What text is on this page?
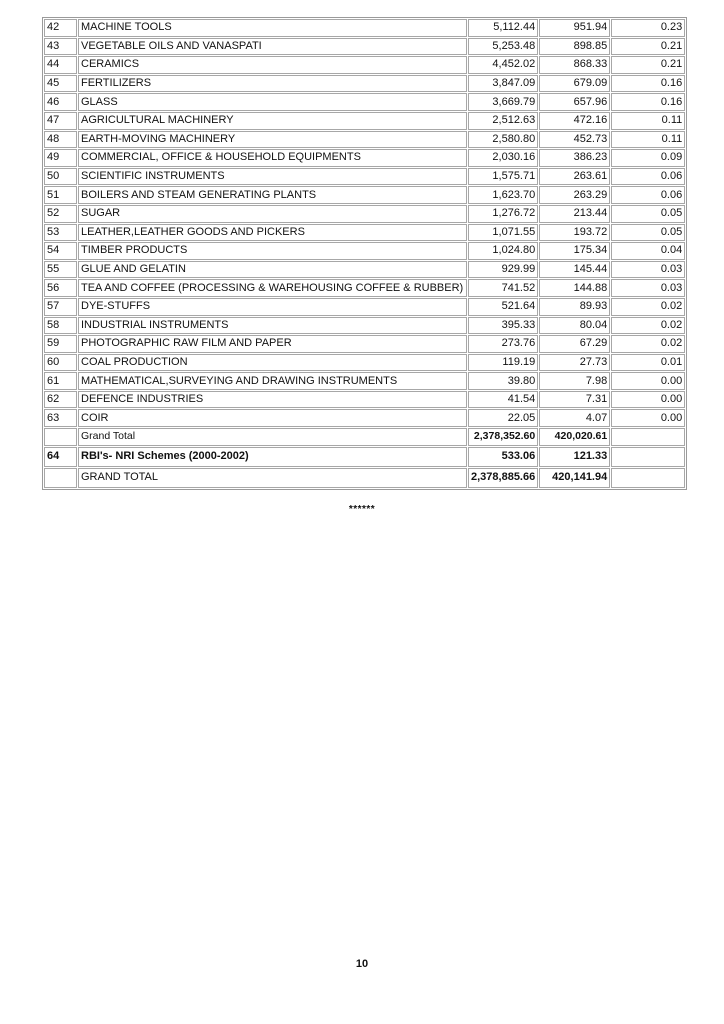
42	MACHINE TOOLS	5,112.44	951.94	0.23
43	VEGETABLE OILS AND VANASPATI	5,253.48	898.85	0.21
44	CERAMICS	4,452.02	868.33	0.21
45	FERTILIZERS	3,847.09	679.09	0.16
46	GLASS	3,669.79	657.96	0.16
47	AGRICULTURAL MACHINERY	2,512.63	472.16	0.11
48	EARTH-MOVING MACHINERY	2,580.80	452.73	0.11
49	COMMERCIAL, OFFICE & HOUSEHOLD EQUIPMENTS	2,030.16	386.23	0.09
50	SCIENTIFIC INSTRUMENTS	1,575.71	263.61	0.06
51	BOILERS AND STEAM GENERATING PLANTS	1,623.70	263.29	0.06
52	SUGAR	1,276.72	213.44	0.05
53	LEATHER,LEATHER GOODS AND PICKERS	1,071.55	193.72	0.05
54	TIMBER PRODUCTS	1,024.80	175.34	0.04
55	GLUE AND GELATIN	929.99	145.44	0.03
56	TEA AND COFFEE (PROCESSING & WAREHOUSING COFFEE & RUBBER)	741.52	144.88	0.03
57	DYE-STUFFS	521.64	89.93	0.02
58	INDUSTRIAL INSTRUMENTS	395.33	80.04	0.02
59	PHOTOGRAPHIC RAW FILM AND PAPER	273.76	67.29	0.02
60	COAL PRODUCTION	119.19	27.73	0.01
61	MATHEMATICAL,SURVEYING AND DRAWING INSTRUMENTS	39.80	7.98	0.00
62	DEFENCE INDUSTRIES	41.54	7.31	0.00
63	COIR	22.05	4.07	0.00
	Grand Total	2,378,352.60	420,020.61	
64	RBI's- NRI Schemes (2000-2002)	533.06	121.33	
	GRAND TOTAL	2,378,885.66	420,141.94	
******
10
